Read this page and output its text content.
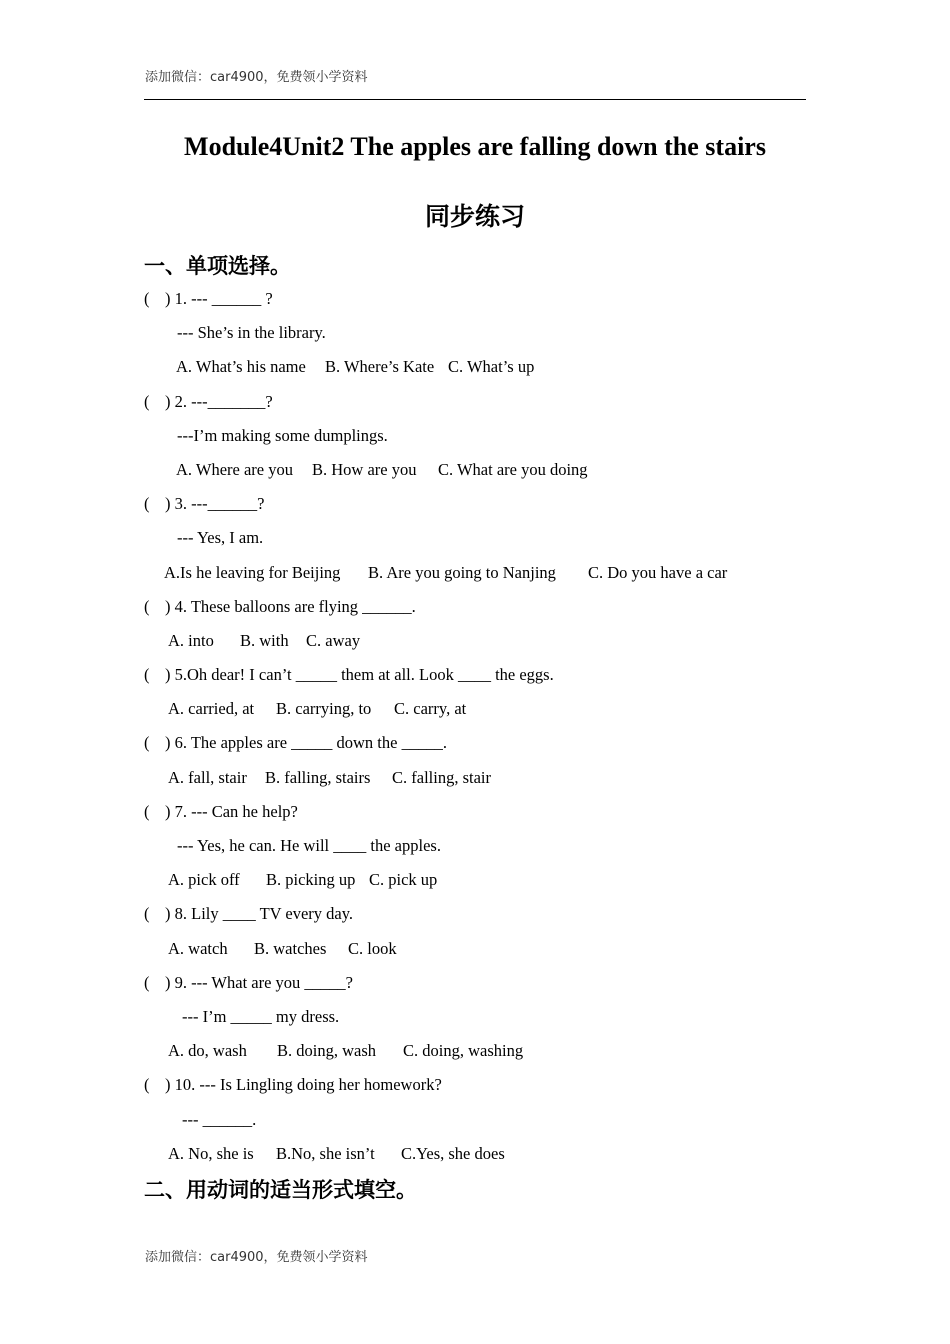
添加微信：car4900，免费领小学资料
Module4Unit2 The apples are falling down the stairs
同步练习
一、单项选择。
( ) 1. --- ______ ?
--- She’s in the library.
A. What’s his name B. Where’s Kate C. What’s up
( ) 2. ---_______?
---I’m making some dumplings.
A. Where are you B. How are you C. What are you doing
( ) 3. ---______?
--- Yes, I am.
A.Is he leaving for Beijing B. Are you going to Nanjing C. Do you have a car
( ) 4. These balloons are flying ______.
A. into B. with C. away
( ) 5.Oh dear! I can’t _____ them at all. Look ____ the eggs.
A. carried, at B. carrying, to C. carry, at
( ) 6. The apples are _____ down the _____.
A. fall, stair B. falling, stairs C. falling, stair
( ) 7. --- Can he help?
--- Yes, he can. He will ____ the apples.
A. pick off B. picking up C. pick up
( ) 8. Lily ____ TV every day.
A. watch B. watches C. look
( ) 9. --- What are you _____?
--- I’m _____ my dress.
A. do, wash B. doing, wash C. doing, washing
( ) 10. --- Is Lingling doing her homework?
--- ______.
A. No, she is B.No, she isn’t C.Yes, she does
二、用动词的适当形式填空。
添加微信：car4900，免费领小学资料
